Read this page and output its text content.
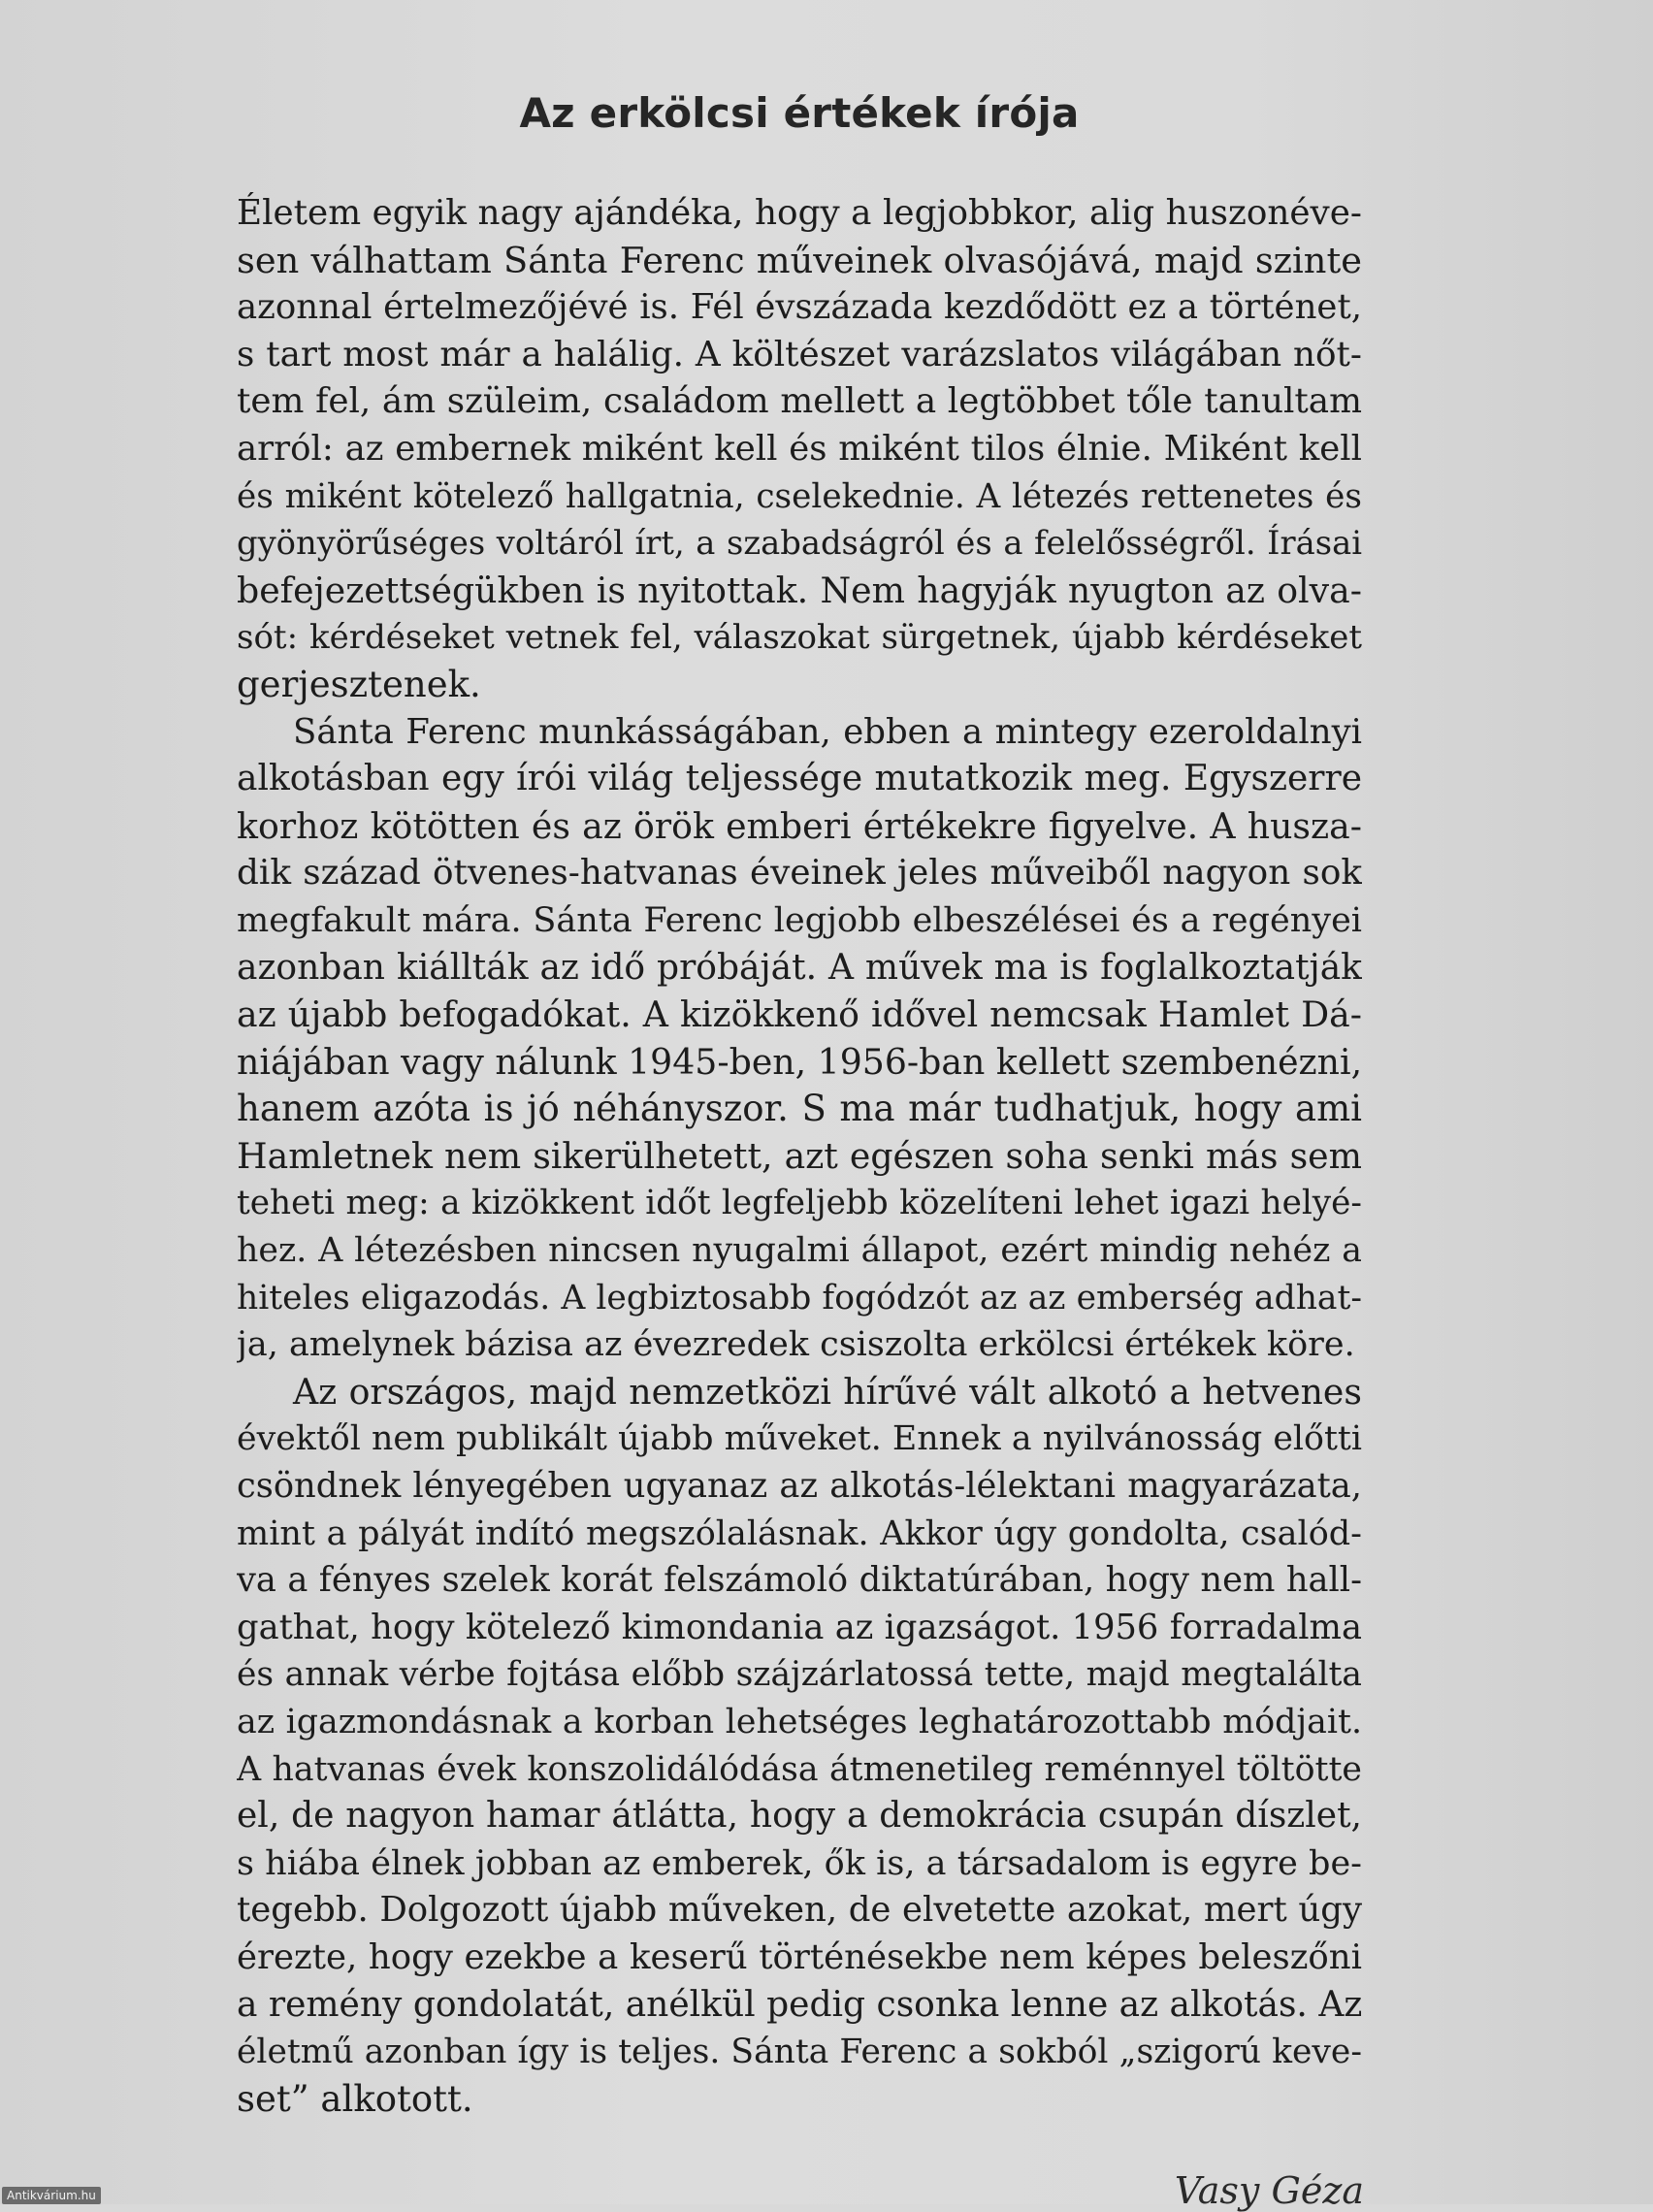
Az erkölcsi értékek írója
Életem egyik nagy ajándéka, hogy a legjobbkor, alig huszonéve-
sen válhattam Sánta Ferenc műveinek olvasójává, majd szinte
azonnal értelmezőjévé is. Fél évszázada kezdődött ez a történet,
s tart most már a halálig. A költészet varázslatos világában nőt-
tem fel, ám szüleim, családom mellett a legtöbbet tőle tanultam
arról: az embernek miként kell és miként tilos élnie. Miként kell
és miként kötelező hallgatnia, cselekednie. A létezés rettenetes és
gyönyörűséges voltáról írt, a szabadságról és a felelősségről. Írásai
befejezettségükben is nyitottak. Nem hagyják nyugton az olva-
sót: kérdéseket vetnek fel, válaszokat sürgetnek, újabb kérdéseket
gerjesztenek.
Sánta Ferenc munkásságában, ebben a mintegy ezeroldalnyi
alkotásban egy írói világ teljessége mutatkozik meg. Egyszerre
korhoz kötötten és az örök emberi értékekre figyelve. A husza-
dik század ötvenes-hatvanas éveinek jeles műveiből nagyon sok
megfakult mára. Sánta Ferenc legjobb elbeszélései és a regényei
azonban kiállták az idő próbáját. A művek ma is foglalkoztatják
az újabb befogadókat. A kizökkenő idővel nemcsak Hamlet Dá-
niájában vagy nálunk 1945-ben, 1956-ban kellett szembenézni,
hanem azóta is jó néhányszor. S ma már tudhatjuk, hogy ami
Hamletnek nem sikerülhetett, azt egészen soha senki más sem
teheti meg: a kizökkent időt legfeljebb közelíteni lehet igazi helyé-
hez. A létezésben nincsen nyugalmi állapot, ezért mindig nehéz a
hiteles eligazodás. A legbiztosabb fogódzót az az emberség adhat-
ja, amelynek bázisa az évezredek csiszolta erkölcsi értékek köre.
Az országos, majd nemzetközi hírűvé vált alkotó a hetvenes
évektől nem publikált újabb műveket. Ennek a nyilvánosság előtti
csöndnek lényegében ugyanaz az alkotás-lélektani magyarázata,
mint a pályát indító megszólalásnak. Akkor úgy gondolta, csalód-
va a fényes szelek korát felszámoló diktatúrában, hogy nem hall-
gathat, hogy kötelező kimondania az igazságot. 1956 forradalma
és annak vérbe fojtása előbb szájzárlatossá tette, majd megtalálta
az igazmondásnak a korban lehetséges leghatározottabb módjait.
A hatvanas évek konszolidálódása átmenetileg reménnyel töltötte
el, de nagyon hamar átlátta, hogy a demokrácia csupán díszlet,
s hiába élnek jobban az emberek, ők is, a társadalom is egyre be-
tegebb. Dolgozott újabb műveken, de elvetette azokat, mert úgy
érezte, hogy ezekbe a keserű történésekbe nem képes beleszőni
a remény gondolatát, anélkül pedig csonka lenne az alkotás. Az
életmű azonban így is teljes. Sánta Ferenc a sokból „szigorú keve-
set” alkotott.
Vasy Géza
Antikvárium.hu
